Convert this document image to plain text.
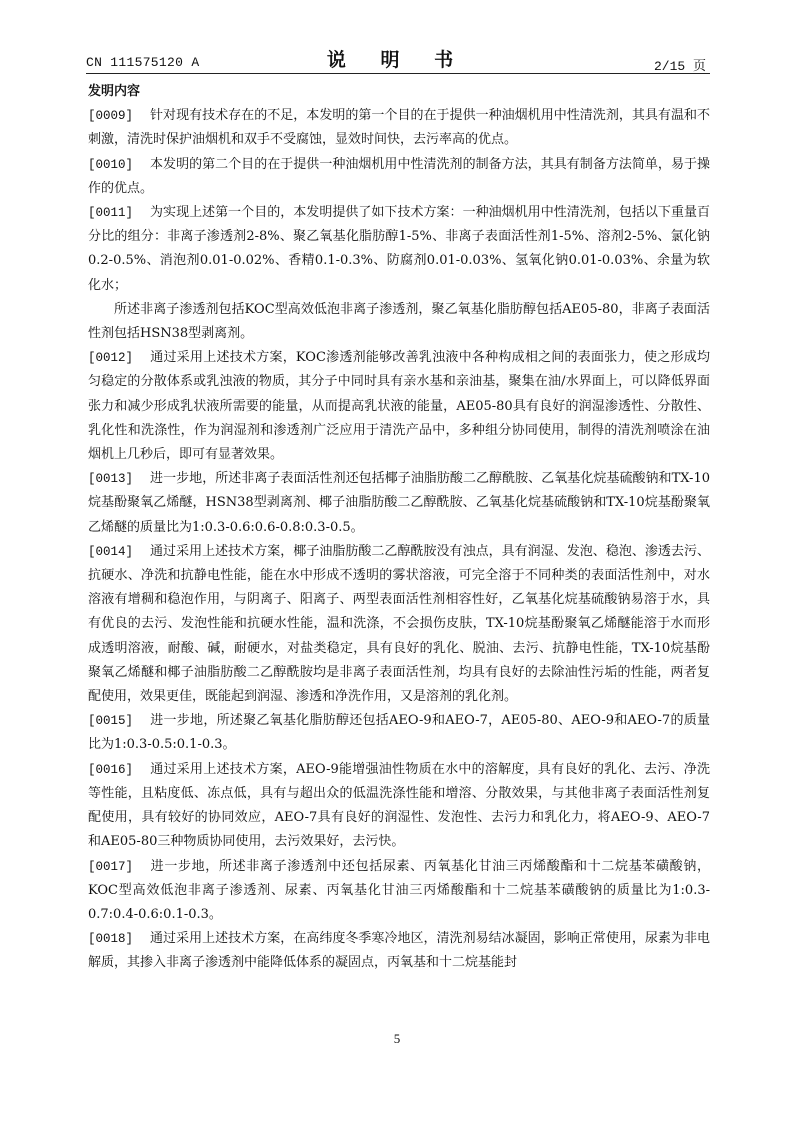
CN 111575120 A	说 明 书	2/15 页
发明内容
[0009] 针对现有技术存在的不足，本发明的第一个目的在于提供一种油烟机用中性清洗剂，其具有温和不刺激，清洗时保护油烟机和双手不受腐蚀，显效时间快，去污率高的优点。
[0010] 本发明的第二个目的在于提供一种油烟机用中性清洗剂的制备方法，其具有制备方法简单，易于操作的优点。
[0011] 为实现上述第一个目的，本发明提供了如下技术方案：一种油烟机用中性清洗剂，包括以下重量百分比的组分：非离子渗透剂2-8%、聚乙氧基化脂肪醇1-5%、非离子表面活性剂1-5%、溶剂2-5%、氯化钠0.2-0.5%、消泡剂0.01-0.02%、香精0.1-0.3%、防腐剂0.01-0.03%、氢氧化钠0.01-0.03%、余量为软化水；
所述非离子渗透剂包括KOC型高效低泡非离子渗透剂，聚乙氧基化脂肪醇包括AE05-80，非离子表面活性剂包括HSN38型剥离剂。
[0012] 通过采用上述技术方案，KOC渗透剂能够改善乳浊液中各种构成相之间的表面张力，使之形成均匀稳定的分散体系或乳浊液的物质，其分子中同时具有亲水基和亲油基，聚集在油/水界面上，可以降低界面张力和减少形成乳状液所需要的能量，从而提高乳状液的能量，AE05-80具有良好的润湿渗透性、分散性、乳化性和洗涤性，作为润湿剂和渗透剂广泛应用于清洗产品中，多种组分协同使用，制得的清洗剂喷涂在油烟机上几秒后，即可有显著效果。
[0013] 进一步地，所述非离子表面活性剂还包括椰子油脂肪酸二乙醇酰胺、乙氧基化烷基硫酸钠和TX-10烷基酚聚氧乙烯醚，HSN38型剥离剂、椰子油脂肪酸二乙醇酰胺、乙氧基化烷基硫酸钠和TX-10烷基酚聚氧乙烯醚的质量比为1:0.3-0.6:0.6-0.8:0.3-0.5。
[0014] 通过采用上述技术方案，椰子油脂肪酸二乙醇酰胺没有浊点，具有润湿、发泡、稳泡、渗透去污、抗硬水、净洗和抗静电性能，能在水中形成不透明的雾状溶液，可完全溶于不同种类的表面活性剂中，对水溶液有增稠和稳泡作用，与阴离子、阳离子、两型表面活性剂相容性好，乙氧基化烷基硫酸钠易溶于水，具有优良的去污、发泡性能和抗硬水性能，温和洗涤，不会损伤皮肤，TX-10烷基酚聚氧乙烯醚能溶于水而形成透明溶液，耐酸、碱，耐硬水，对盐类稳定，具有良好的乳化、脱油、去污、抗静电性能，TX-10烷基酚聚氧乙烯醚和椰子油脂肪酸二乙醇酰胺均是非离子表面活性剂，均具有良好的去除油性污垢的性能，两者复配使用，效果更佳，既能起到润湿、渗透和净洗作用，又是溶剂的乳化剂。
[0015] 进一步地，所述聚乙氧基化脂肪醇还包括AEO-9和AEO-7，AE05-80、AEO-9和AEO-7的质量比为1:0.3-0.5:0.1-0.3。
[0016] 通过采用上述技术方案，AEO-9能增强油性物质在水中的溶解度，具有良好的乳化、去污、净洗等性能，且粘度低、冻点低，具有与超出众的低温洗涤性能和增溶、分散效果，与其他非离子表面活性剂复配使用，具有较好的协同效应，AEO-7具有良好的润湿性、发泡性、去污力和乳化力，将AEO-9、AEO-7和AE05-80三种物质协同使用，去污效果好，去污快。
[0017] 进一步地，所述非离子渗透剂中还包括尿素、丙氧基化甘油三丙烯酸酯和十二烷基苯磺酸钠，KOC型高效低泡非离子渗透剂、尿素、丙氧基化甘油三丙烯酸酯和十二烷基苯磺酸钠的质量比为1:0.3-0.7:0.4-0.6:0.1-0.3。
[0018] 通过采用上述技术方案，在高纬度冬季寒冷地区，清洗剂易结冰凝固，影响正常使用，尿素为非电解质，其掺入非离子渗透剂中能降低体系的凝固点，丙氧基和十二烷基能封
5
